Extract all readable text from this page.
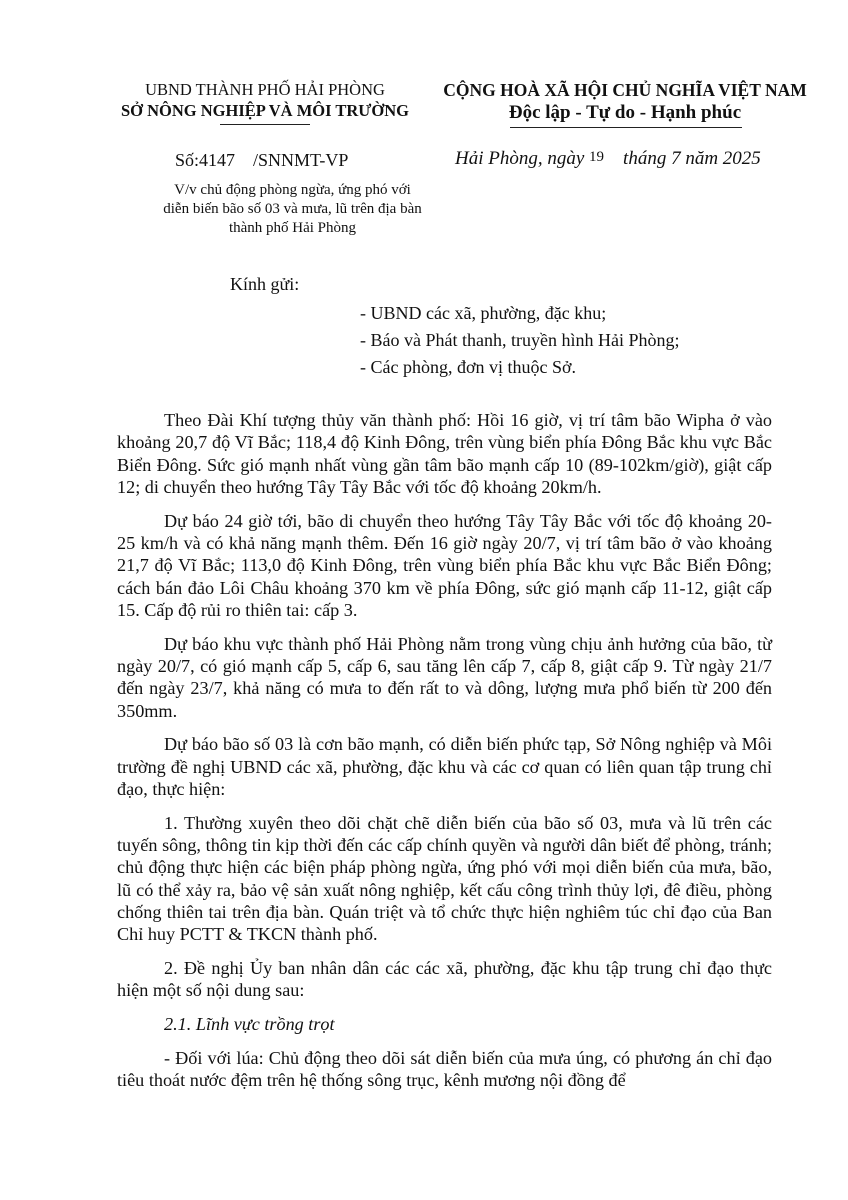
UBND THÀNH PHỐ HẢI PHÒNG
SỞ NÔNG NGHIỆP VÀ MÔI TRƯỜNG
CỘNG HOÀ XÃ HỘI CHỦ NGHĨA VIỆT NAM
Độc lập - Tự do - Hạnh phúc
Số:4147    /SNNMT-VP	Hải Phòng, ngày 19    tháng 7 năm 2025
V/v chủ động phòng ngừa, ứng phó với
diễn biến bão số 03 và mưa, lũ trên địa bàn
thành phố Hải Phòng
Kính gửi:
- UBND các xã, phường, đặc khu;
- Báo và Phát thanh, truyền hình Hải Phòng;
- Các phòng, đơn vị thuộc Sở.

Theo Đài Khí tượng thủy văn thành phố: Hồi 16 giờ, vị trí tâm bão Wipha ở vào khoảng 20,7 độ Vĩ Bắc; 118,4 độ Kinh Đông, trên vùng biển phía Đông Bắc khu vực Bắc Biển Đông. Sức gió mạnh nhất vùng gần tâm bão mạnh cấp 10 (89-102km/giờ), giật cấp 12; di chuyển theo hướng Tây Tây Bắc với tốc độ khoảng 20km/h.

Dự báo 24 giờ tới, bão di chuyển theo hướng Tây Tây Bắc với tốc độ khoảng 20-25 km/h và có khả năng mạnh thêm. Đến 16 giờ ngày 20/7, vị trí tâm bão ở vào khoảng 21,7 độ Vĩ Bắc; 113,0 độ Kinh Đông, trên vùng biển phía Bắc khu vực Bắc Biển Đông; cách bán đảo Lôi Châu khoảng 370 km về phía Đông, sức gió mạnh cấp 11-12, giật cấp 15. Cấp độ rủi ro thiên tai: cấp 3.

Dự báo khu vực thành phố Hải Phòng nằm trong vùng chịu ảnh hưởng của bão, từ ngày 20/7, có gió mạnh cấp 5, cấp 6, sau tăng lên cấp 7, cấp 8, giật cấp 9. Từ ngày 21/7 đến ngày 23/7, khả năng có mưa to đến rất to và dông, lượng mưa phổ biến từ 200 đến 350mm.

Dự báo bão số 03 là cơn bão mạnh, có diễn biến phức tạp, Sở Nông nghiệp và Môi trường đề nghị UBND các xã, phường, đặc khu và các cơ quan có liên quan tập trung chỉ đạo, thực hiện:

1. Thường xuyên theo dõi chặt chẽ diễn biến của bão số 03, mưa và lũ trên các tuyến sông, thông tin kịp thời đến các cấp chính quyền và người dân biết để phòng, tránh; chủ động thực hiện các biện pháp phòng ngừa, ứng phó với mọi diễn biến của mưa, bão, lũ có thể xảy ra, bảo vệ sản xuất nông nghiệp, kết cấu công trình thủy lợi, đê điều, phòng chống thiên tai trên địa bàn. Quán triệt và tổ chức thực hiện nghiêm túc chỉ đạo của Ban Chỉ huy PCTT & TKCN thành phố.

2. Đề nghị Ủy ban nhân dân các các xã, phường, đặc khu tập trung chỉ đạo thực hiện một số nội dung sau:

2.1. Lĩnh vực trồng trọt

- Đối với lúa: Chủ động theo dõi sát diễn biến của mưa úng, có phương án chỉ đạo tiêu thoát nước đệm trên hệ thống sông trục, kênh mương nội đồng để
